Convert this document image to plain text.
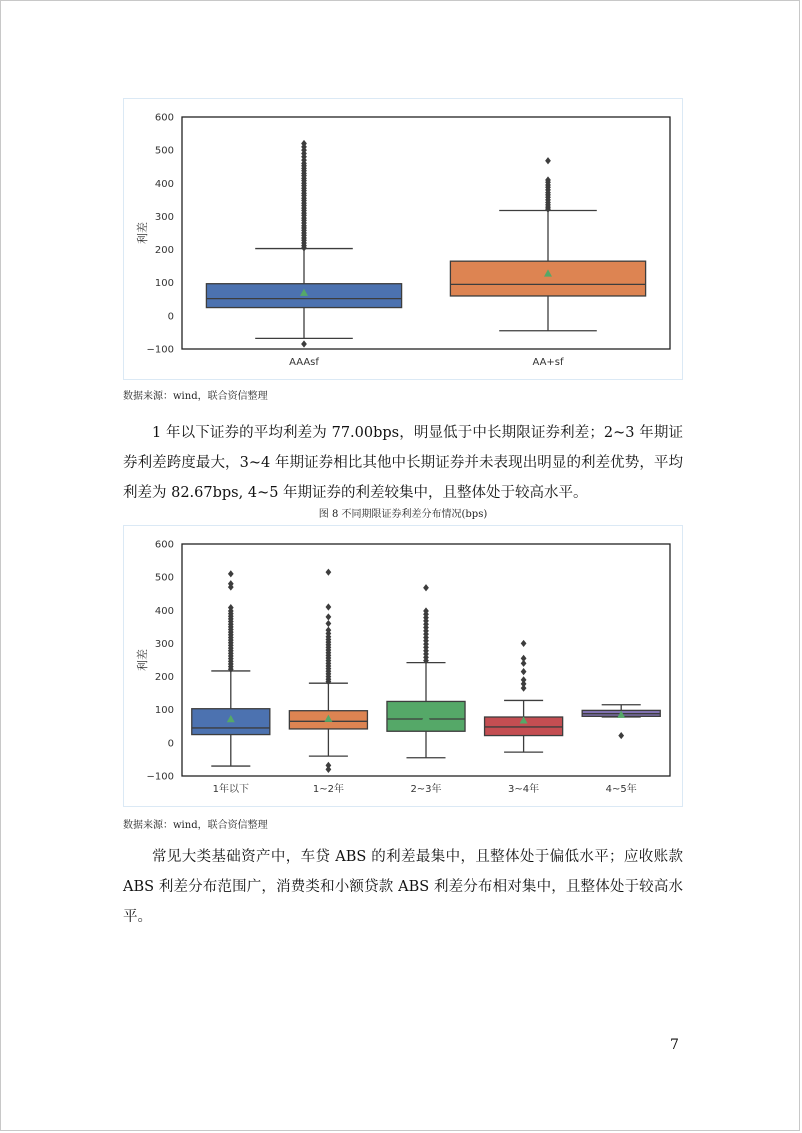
−100
0
100
200
300
400
500
600
利差
AAAsf	AA+sf
数据来源：wind，联合资信整理

1 年以下证券的平均利差为 77.00bps，明显低于中长期限证券利差；2~3 年期证券利差跨度最大，3~4 年期证券相比其他中长期证券并未表现出明显的利差优势，平均利差为 82.67bps, 4~5 年期证券的利差较集中，且整体处于较高水平。

图 8 不同期限证券利差分布情况(bps)
−100
0
100
200
300
400
500
600
利差
1年以下	1~2年	2~3年	3~4年	4~5年
数据来源：wind，联合资信整理

常见大类基础资产中，车贷 ABS 的利差最集中，且整体处于偏低水平；应收账款 ABS 利差分布范围广，消费类和小额贷款 ABS 利差分布相对集中，且整体处于较高水平。

7
